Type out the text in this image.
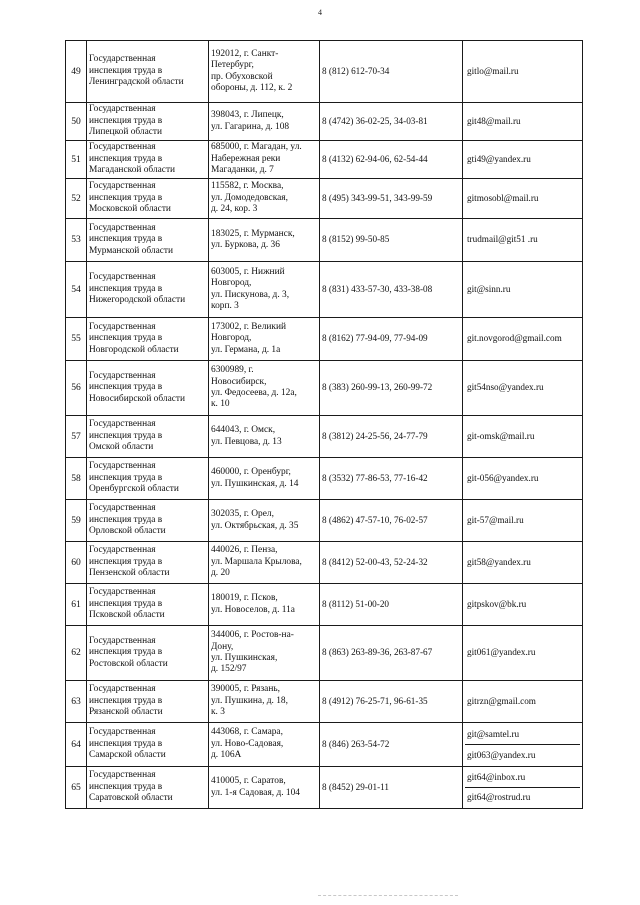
4
49	Государственная
инспекция труда в
Ленинградской области	192012, г. Санкт-
Петербург,
пр. Обуховской
обороны, д. 112, к. 2	8 (812) 612-70-34	gitlo@mail.ru

50	Государственная
инспекция труда в
Липецкой области	398043, г. Липецк,
ул. Гагарина, д. 108	8 (4742) 36-02-25, 34-03-81	git48@mail.ru

51	Государственная
инспекция труда в
Магаданской области	685000, г. Магадан, ул.
Набережная реки
Магаданки, д. 7	8 (4132) 62-94-06, 62-54-44	gti49@yandex.ru

52	Государственная
инспекция труда в
Московской области	115582, г. Москва,
ул. Домодедовская,
д. 24, кор. 3	8 (495) 343-99-51, 343-99-59	gitmosobl@mail.ru

53	Государственная
инспекция труда в
Мурманской области	183025, г. Мурманск,
ул. Буркова, д. 36	8 (8152) 99-50-85	trudmail@git51 .ru

54	Государственная
инспекция труда в
Нижегородской области	603005, г. Нижний
Новгород,
ул. Пискунова, д. 3,
корп. 3	8 (831) 433-57-30, 433-38-08	git@sinn.ru

55	Государственная
инспекция труда в
Новгородской области	173002, г. Великий
Новгород,
ул. Германа, д. 1а	8 (8162) 77-94-09, 77-94-09	git.novgorod@gmail.com

56	Государственная
инспекция труда в
Новосибирской области	6300989, г.
Новосибирск,
ул. Федосеева, д. 12а,
к. 10	8 (383) 260-99-13, 260-99-72	git54nso@yandex.ru

57	Государственная
инспекция труда в
Омской области	644043, г. Омск,
ул. Певцова, д. 13	8 (3812) 24-25-56, 24-77-79	git-omsk@mail.ru

58	Государственная
инспекция труда в
Оренбургской области	460000, г. Оренбург,
ул. Пушкинская, д. 14	8 (3532) 77-86-53, 77-16-42	git-056@yandex.ru

59	Государственная
инспекция труда в
Орловской области	302035, г. Орел,
ул. Октябрьская, д. 35	8 (4862) 47-57-10, 76-02-57	git-57@mail.ru

60	Государственная
инспекция труда в
Пензенской области	440026, г. Пенза,
ул. Маршала Крылова,
д. 20	8 (8412) 52-00-43, 52-24-32	git58@yandex.ru

61	Государственная
инспекция труда в
Псковской области	180019, г. Псков,
ул. Новоселов, д. 11а	8 (8112) 51-00-20	gitpskov@bk.ru

62	Государственная
инспекция труда в
Ростовской области	344006, г. Ростов-на-
Дону,
ул. Пушкинская,
д. 152/97	8 (863) 263-89-36, 263-87-67	git061@yandex.ru

63	Государственная
инспекция труда в
Рязанской области	390005, г. Рязань,
ул. Пушкина, д. 18,
к. 3	8 (4912) 76-25-71, 96-61-35	gitrzn@gmail.com

64	Государственная
инспекция труда в
Самарской области	443068, г. Самара,
ул. Ново-Садовая,
д. 106А	8 (846) 263-54-72	git@samtel.ru
git063@yandex.ru

65	Государственная
инспекция труда в
Саратовской области	410005, г. Саратов,
ул. 1-я Садовая, д. 104	8 (8452) 29-01-11	git64@inbox.ru
git64@rostrud.ru
